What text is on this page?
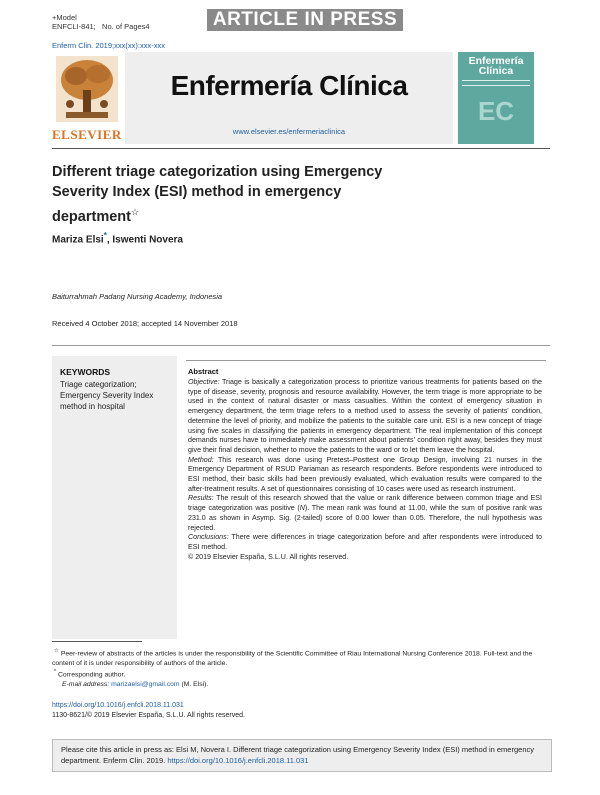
+Model
ENFCLI-841; No. of Pages4	ARTICLE IN PRESS
Enferm Clin. 2019;xxx(xx):xxx-xxx
Enfermería Clínica
www.elsevier.es/enfermeriaclinica
ELSEVIER
Enfermería
Clínica
EC
Different triage categorization using Emergency Severity Index (ESI) method in emergency department☆
Mariza Elsi*, Iswenti Novera
Baiturrahmah Padang Nursing Academy, Indonesia
Received 4 October 2018; accepted 14 November 2018
KEYWORDS
Triage categorization;
Emergency Severity Index method in hospital
Abstract

Objective: Triage is basically a categorization process to prioritize various treatments for patients based on the type of disease, severity, prognosis and resource availability. However, the term triage is more appropriate to be used in the context of natural disaster or mass casualties. Within the context of emergency situation in emergency department, the term triage refers to a method used to assess the severity of patients' condition, determine the level of priority, and mobilize the patients to the suitable care unit. ESI is a new concept of triage using five scales in classifying the patients in emergency department. The real implementation of this concept demands nurses have to immediately make assessment about patients' condition right away, besides they must give their final decision, whether to move the patients to the ward or to let them leave the hospital.

Method: This research was done using Pretest–Posttest one Group Design, involving 21 nurses in the Emergency Department of RSUD Pariaman as research respondents. Before respondents were introduced to ESI method, their basic skills had been previously evaluated, which evaluation results were compared to the after-treatment results. A set of questionnaires consisting of 10 cases were used as research instrument.

Results: The result of this research showed that the value or rank difference between common triage and ESI triage categorization was positive (N). The mean rank was found at 11.00, while the sum of positive rank was 231.0 as shown in Asymp. Sig. (2-tailed) score of 0.00 lower than 0.05. Therefore, the null hypothesis was rejected.

Conclusions: There were differences in triage categorization before and after respondents were introduced to ESI method.

© 2019 Elsevier España, S.L.U. All rights reserved.

☆ Peer-review of abstracts of the articles is under the responsibility of the Scientific Committee of Riau International Nursing Conference 2018. Full-text and the content of it is under responsibility of authors of the article.
* Corresponding author.
E-mail address: marizaelsi@gmail.com (M. Elsi).
https://doi.org/10.1016/j.enfcli.2018.11.031
1130-8621/© 2019 Elsevier España, S.L.U. All rights reserved.
Please cite this article in press as: Elsi M, Novera I. Different triage categorization using Emergency Severity Index (ESI) method in emergency department. Enferm Clin. 2019. https://doi.org/10.1016/j.enfcli.2018.11.031
